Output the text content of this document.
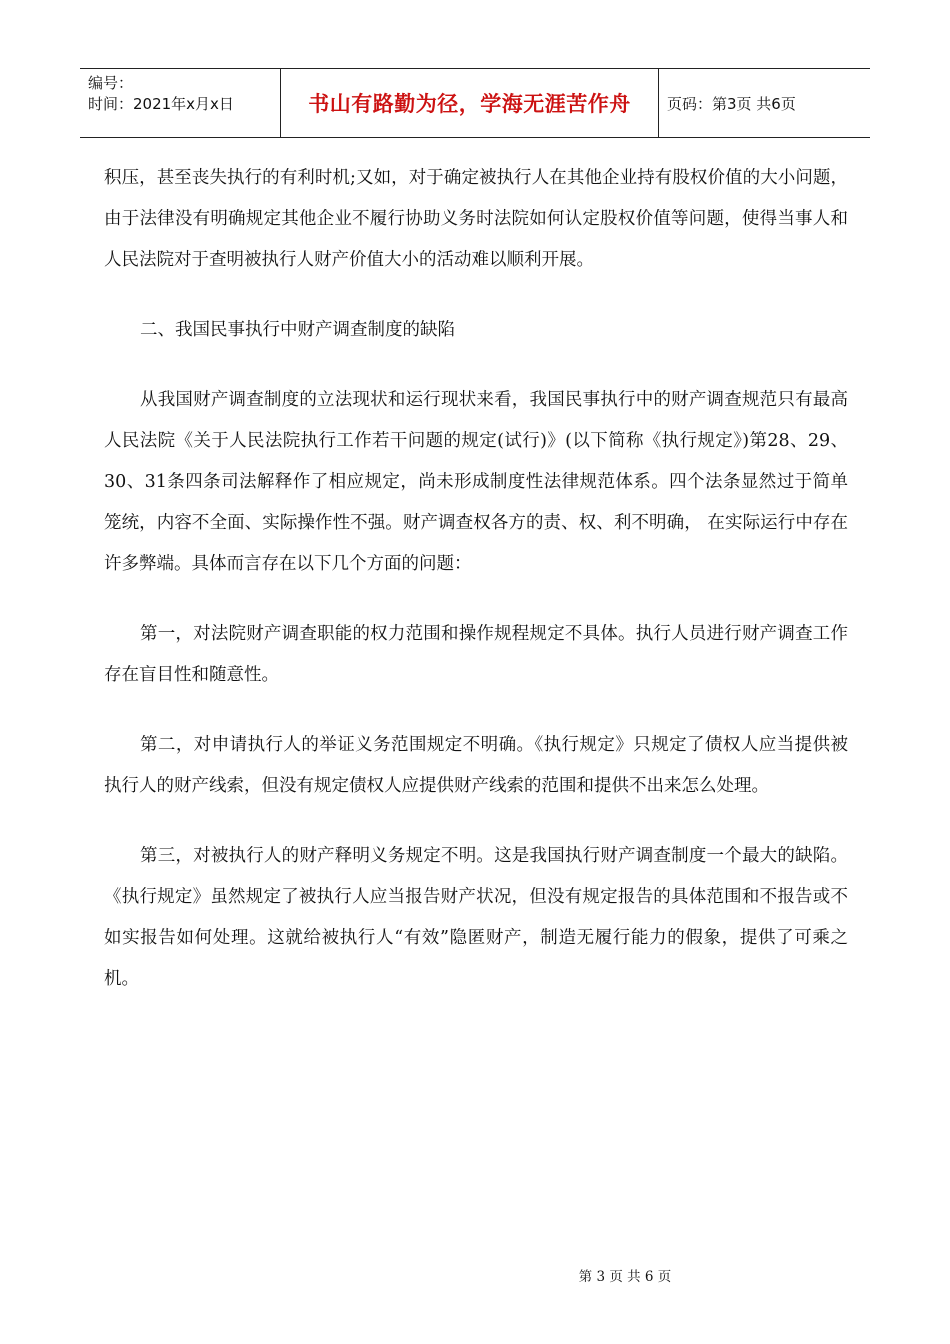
编号：
时间：2021年x月x日	书山有路勤为径，学海无涯苦作舟 页码：第3页 共6页

积压，甚至丧失执行的有利时机;又如，对于确定被执行人在其他企业持有股权价值的大小问题，由于法律没有明确规定其他企业不履行协助义务时法院如何认定股权价值等问题，使得当事人和人民法院对于查明被执行人财产价值大小的活动难以顺利开展。

二、我国民事执行中财产调查制度的缺陷

从我国财产调查制度的立法现状和运行现状来看，我国民事执行中的财产调查规范只有最高人民法院《关于人民法院执行工作若干问题的规定(试行)》(以下简称《执行规定》)第28、29、30、31条四条司法解释作了相应规定，尚未形成制度性法律规范体系。四个法条显然过于简单笼统，内容不全面、实际操作性不强。财产调查权各方的责、权、利不明确， 在实际运行中存在许多弊端。具体而言存在以下几个方面的问题：

第一，对法院财产调查职能的权力范围和操作规程规定不具体。执行人员进行财产调查工作存在盲目性和随意性。

第二，对申请执行人的举证义务范围规定不明确。《执行规定》只规定了债权人应当提供被执行人的财产线索，但没有规定债权人应提供财产线索的范围和提供不出来怎么处理。

第三，对被执行人的财产释明义务规定不明。这是我国执行财产调查制度一个最大的缺陷。《执行规定》虽然规定了被执行人应当报告财产状况，但没有规定报告的具体范围和不报告或不如实报告如何处理。这就给被执行人“有效”隐匿财产，制造无履行能力的假象，提供了可乘之机。

第 3 页 共 6 页
